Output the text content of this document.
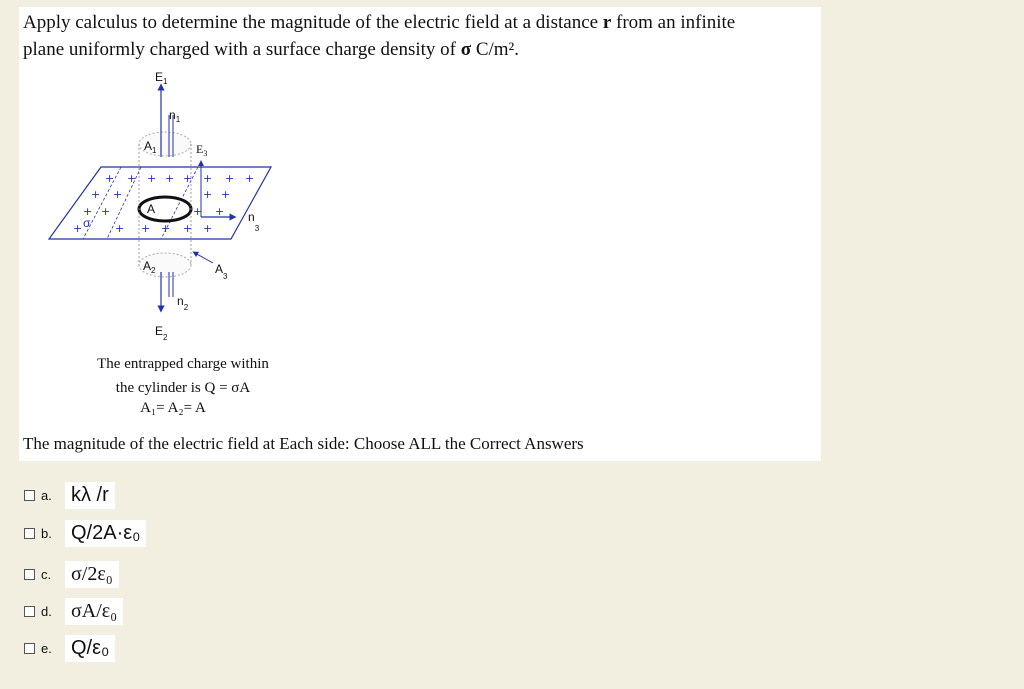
Apply calculus to determine the magnitude of the electric field at a distance r from an infinite
plane uniformly charged with a surface charge density of σ C/m².
+ + + + + + + +
+ +	+ +
+ +	+ +
+	+ + + + +
$E_1$
$n_1$
$A_1$	$E_3$
A
σ	$n_3$
$A_2$	$A_3$
$n_2$
$E_2$
The entrapped charge within
the cylinder is Q = σA
A₁= A₂= A
The magnitude of the electric field at Each side: Choose ALL the Correct Answers
a. kλ /r
b. Q/2A·ε₀
c. σ/2ε₀
d. σA/ε₀
e. Q/ε₀
